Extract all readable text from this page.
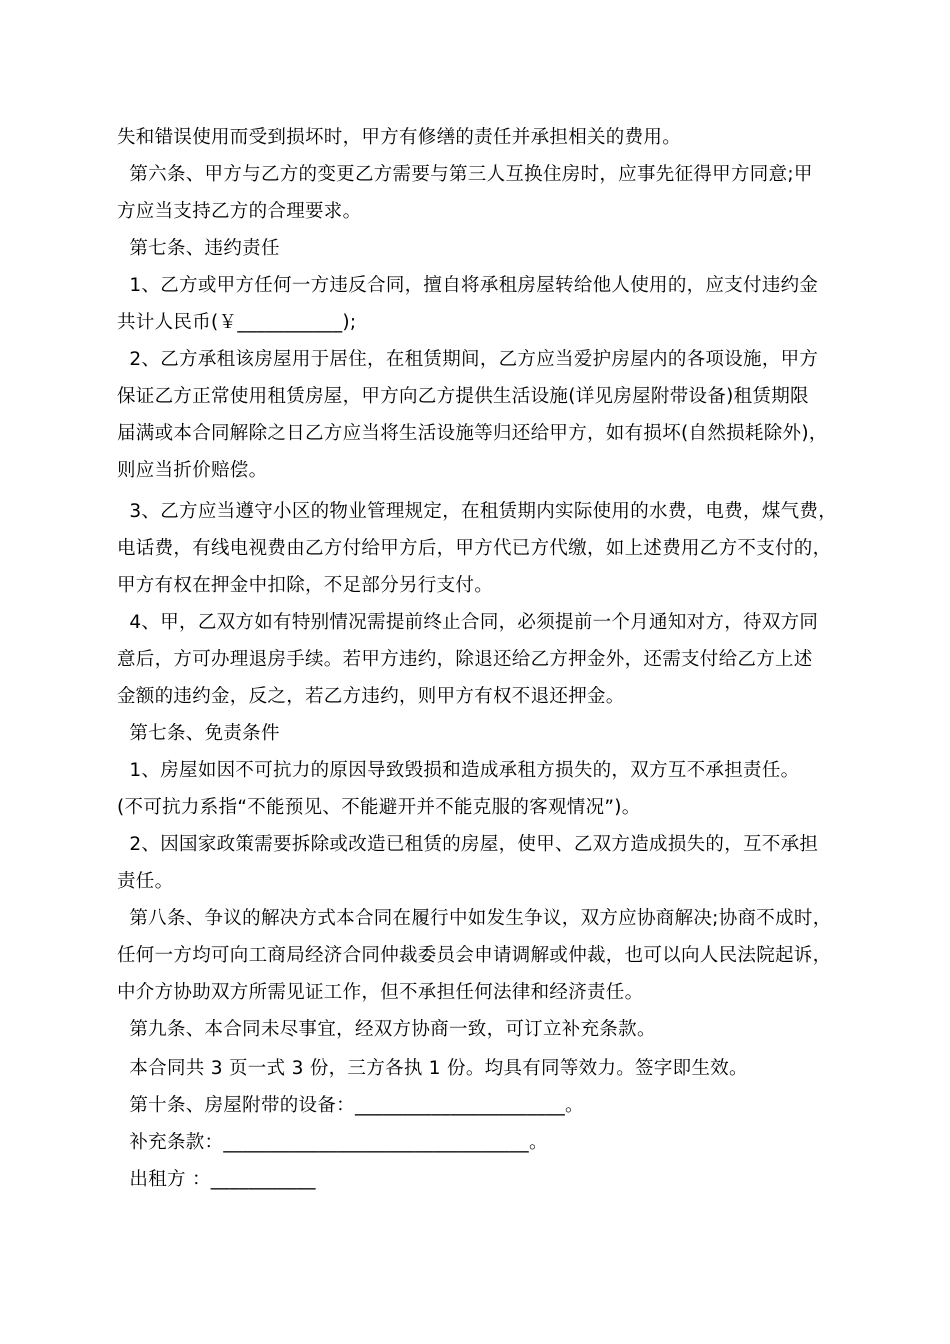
失和错误使用而受到损坏时，甲方有修缮的责任并承担相关的费用。
第六条、甲方与乙方的变更乙方需要与第三人互换住房时，应事先征得甲方同意;甲
方应当支持乙方的合理要求。
第七条、违约责任
1、乙方或甲方任何一方违反合同，擅自将承租房屋转给他人使用的，应支付违约金
共计人民币(￥___________);
2、乙方承租该房屋用于居住，在租赁期间，乙方应当爱护房屋内的各项设施，甲方
保证乙方正常使用租赁房屋，甲方向乙方提供生活设施(详见房屋附带设备)租赁期限
届满或本合同解除之日乙方应当将生活设施等归还给甲方，如有损坏(自然损耗除外)，
则应当折价赔偿。
3、乙方应当遵守小区的物业管理规定，在租赁期内实际使用的水费，电费，煤气费，
电话费，有线电视费由乙方付给甲方后，甲方代已方代缴，如上述费用乙方不支付的，
甲方有权在押金中扣除，不足部分另行支付。
4、甲，乙双方如有特别情况需提前终止合同，必须提前一个月通知对方，待双方同
意后，方可办理退房手续。若甲方违约，除退还给乙方押金外，还需支付给乙方上述
金额的违约金，反之，若乙方违约，则甲方有权不退还押金。
第七条、免责条件
1、房屋如因不可抗力的原因导致毁损和造成承租方损失的，双方互不承担责任。
(不可抗力系指“不能预见、不能避开并不能克服的客观情况”)。
2、因国家政策需要拆除或改造已租赁的房屋，使甲、乙双方造成损失的，互不承担
责任。
第八条、争议的解决方式本合同在履行中如发生争议，双方应协商解决;协商不成时，
任何一方均可向工商局经济合同仲裁委员会申请调解或仲裁，也可以向人民法院起诉，
中介方协助双方所需见证工作，但不承担任何法律和经济责任。
第九条、本合同未尽事宜，经双方协商一致，可订立补充条款。
本合同共 3 页一式 3 份，三方各执 1 份。均具有同等效力。签字即生效。
第十条、房屋附带的设备：______________________。
补充条款：________________________________。
出租方 ：___________
